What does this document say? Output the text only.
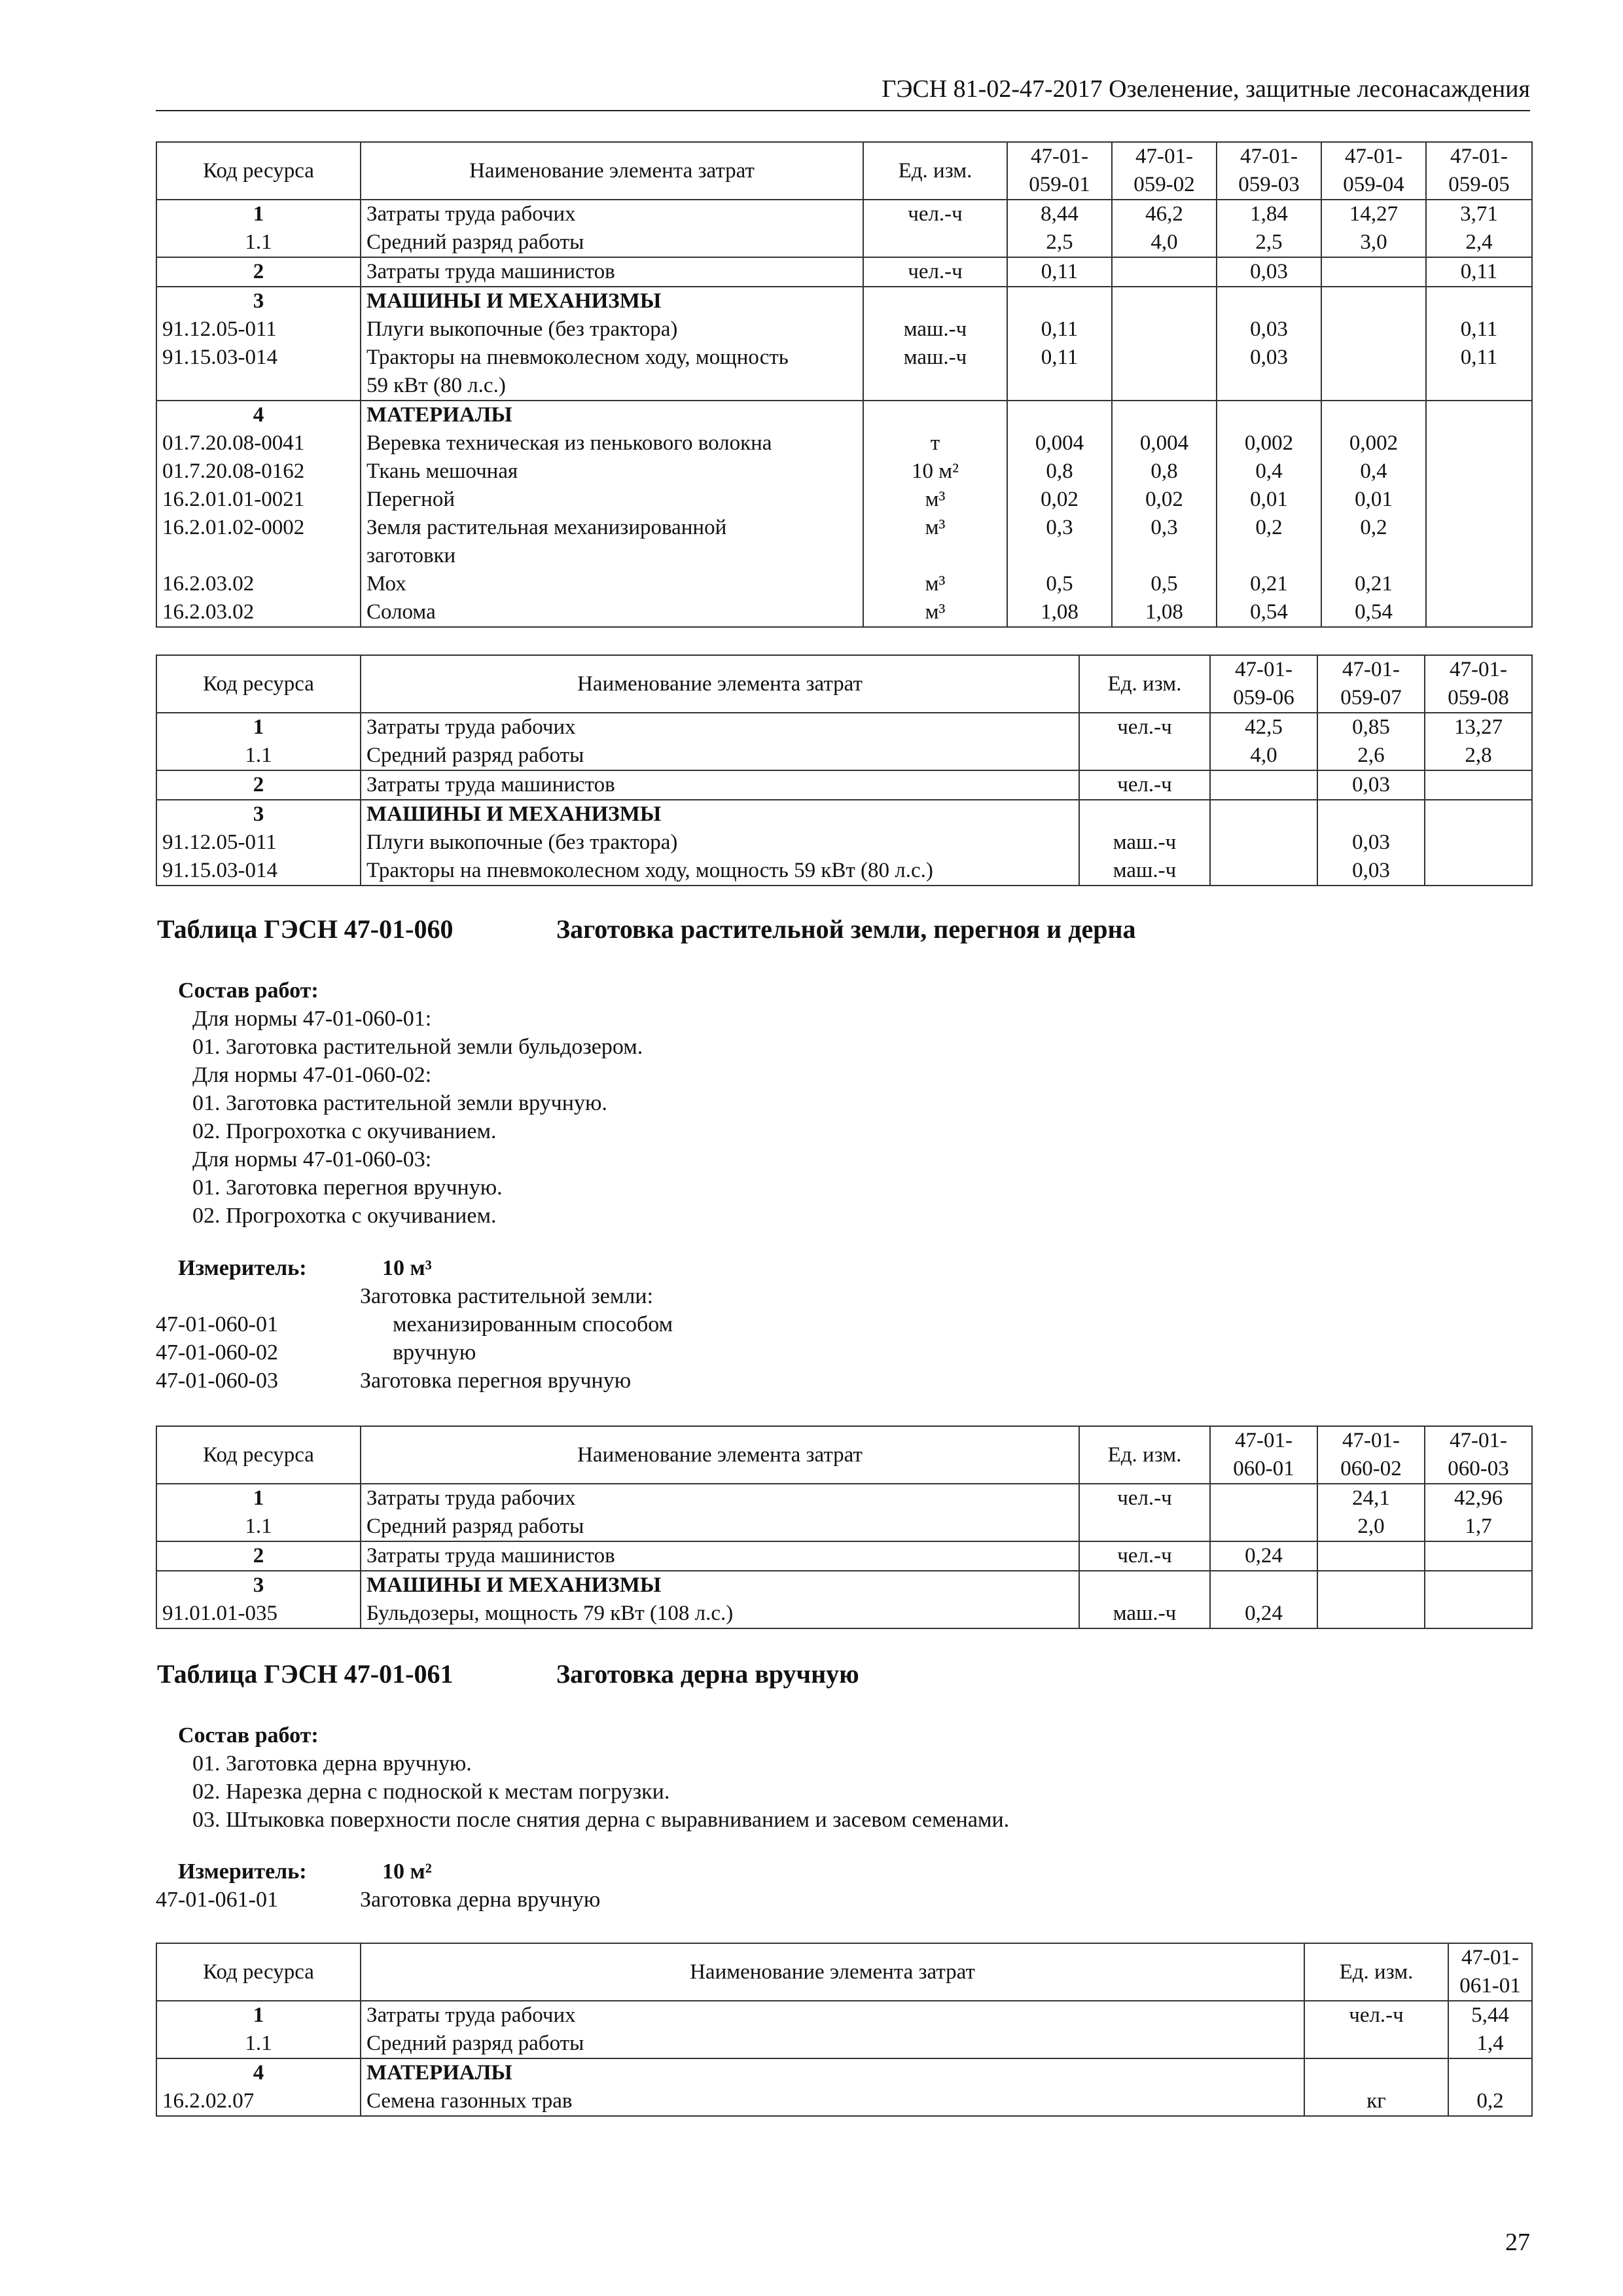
ГЭСН 81-02-47-2017 Озеленение, защитные лесонасаждения
Код ресурса	Наименование элемента затрат	Ед. изм.	47-01-
059-01	47-01-
059-02	47-01-
059-03	47-01-
059-04	47-01-
059-05
1	Затраты труда рабочих	чел.-ч	8,44	46,2	1,84	14,27	3,71
1.1	Средний разряд работы		2,5	4,0	2,5	3,0	2,4
2	Затраты труда машинистов	чел.-ч	0,11		0,03		0,11
3	МАШИНЫ И МЕХАНИЗМЫ						
91.12.05-011	Плуги выкопочные (без трактора)	маш.-ч	0,11		0,03		0,11
91.15.03-014	Тракторы на пневмоколесном ходу, мощность	маш.-ч	0,11		0,03		0,11
	59 кВт (80 л.с.)						
4	МАТЕРИАЛЫ						
01.7.20.08-0041	Веревка техническая из пенькового волокна	т	0,004	0,004	0,002	0,002	
01.7.20.08-0162	Ткань мешочная	10 м²	0,8	0,8	0,4	0,4	
16.2.01.01-0021	Перегной	м³	0,02	0,02	0,01	0,01	
16.2.01.02-0002	Земля растительная механизированной	м³	0,3	0,3	0,2	0,2	
	заготовки						
16.2.03.02	Мох	м³	0,5	0,5	0,21	0,21	
16.2.03.02	Солома	м³	1,08	1,08	0,54	0,54	
Код ресурса	Наименование элемента затрат	Ед. изм.	47-01-
059-06	47-01-
059-07	47-01-
059-08
1	Затраты труда рабочих	чел.-ч	42,5	0,85	13,27
1.1	Средний разряд работы		4,0	2,6	2,8
2	Затраты труда машинистов	чел.-ч		0,03	
3	МАШИНЫ И МЕХАНИЗМЫ				
91.12.05-011	Плуги выкопочные (без трактора)	маш.-ч		0,03	
91.15.03-014	Тракторы на пневмоколесном ходу, мощность 59 кВт (80 л.с.)	маш.-ч		0,03	
Таблица ГЭСН 47-01-060	Заготовка растительной земли, перегноя и дерна
Состав работ:
Для нормы 47-01-060-01:
01. Заготовка растительной земли бульдозером.
Для нормы 47-01-060-02:
01. Заготовка растительной земли вручную.
02. Прогрохотка с окучиванием.
Для нормы 47-01-060-03:
01. Заготовка перегноя вручную.
02. Прогрохотка с окучиванием.
Измеритель:	10 м³
Заготовка растительной земли:
47-01-060-01	механизированным способом
47-01-060-02	вручную
47-01-060-03	Заготовка перегноя вручную
Код ресурса	Наименование элемента затрат	Ед. изм.	47-01-
060-01	47-01-
060-02	47-01-
060-03
1	Затраты труда рабочих	чел.-ч		24,1	42,96
1.1	Средний разряд работы			2,0	1,7
2	Затраты труда машинистов	чел.-ч	0,24		
3	МАШИНЫ И МЕХАНИЗМЫ				
91.01.01-035	Бульдозеры, мощность 79 кВт (108 л.с.)	маш.-ч	0,24		
Таблица ГЭСН 47-01-061	Заготовка дерна вручную
Состав работ:
01. Заготовка дерна вручную.
02. Нарезка дерна с подноской к местам погрузки.
03. Штыковка поверхности после снятия дерна с выравниванием и засевом семенами.
Измеритель:	10 м²
47-01-061-01	Заготовка дерна вручную
Код ресурса	Наименование элемента затрат	Ед. изм.	47-01-
061-01
1	Затраты труда рабочих	чел.-ч	5,44
1.1	Средний разряд работы		1,4
4	МАТЕРИАЛЫ		
16.2.02.07	Семена газонных трав	кг	0,2
27
